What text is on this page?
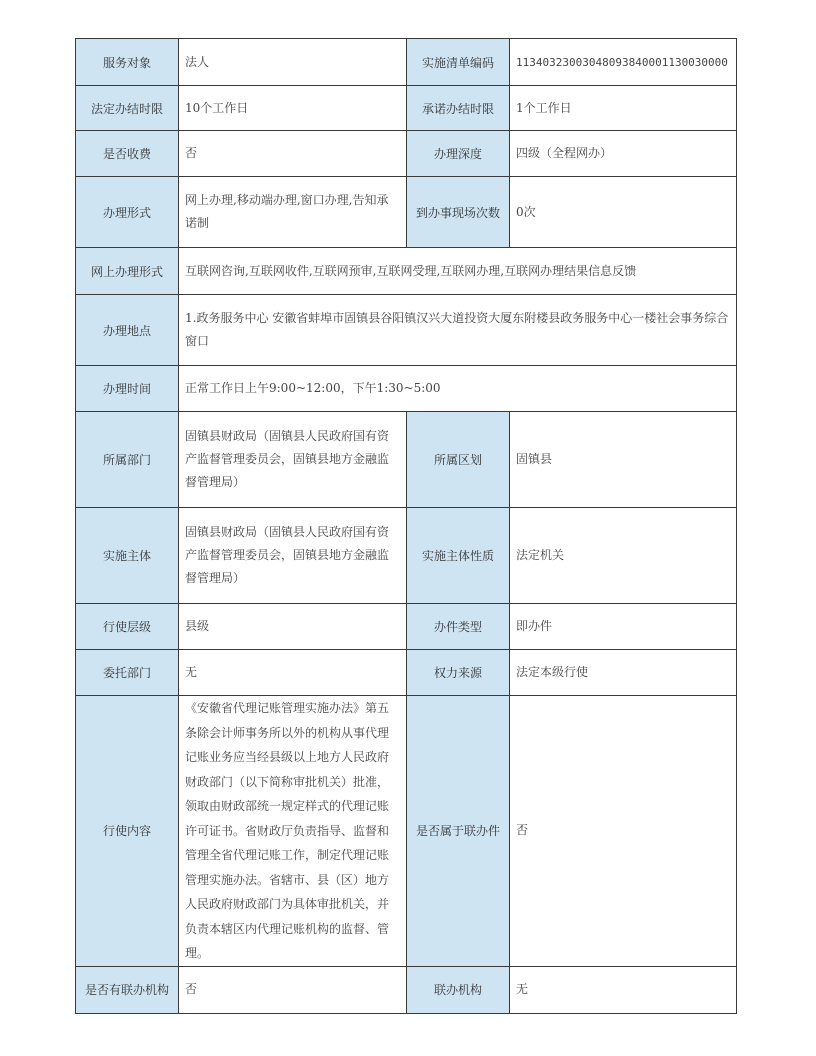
服务对象	法人	实施清单编码	11340323003048093840001130030000
法定办结时限	10个工作日	承诺办结时限	1个工作日
是否收费	否	办理深度	四级（全程网办）
办理形式	网上办理,移动端办理,窗口办理,告知承诺制	到办事现场次数	0次
网上办理形式	互联网咨询,互联网收件,互联网预审,互联网受理,互联网办理,互联网办理结果信息反馈		
办理地点	1.政务服务中心 安徽省蚌埠市固镇县谷阳镇汉兴大道投资大厦东附楼县政务服务中心一楼社会事务综合窗口		
办理时间	正常工作日上午9:00~12:00，下午1:30~5:00		
所属部门	固镇县财政局（固镇县人民政府国有资产监督管理委员会，固镇县地方金融监督管理局）	所属区划	固镇县
实施主体	固镇县财政局（固镇县人民政府国有资产监督管理委员会，固镇县地方金融监督管理局）	实施主体性质	法定机关
行使层级	县级	办件类型	即办件
委托部门	无	权力来源	法定本级行使
行使内容	《安徽省代理记账管理实施办法》第五条除会计师事务所以外的机构从事代理记账业务应当经县级以上地方人民政府财政部门（以下简称审批机关）批准，领取由财政部统一规定样式的代理记账许可证书。省财政厅负责指导、监督和管理全省代理记账工作，制定代理记账管理实施办法。省辖市、县（区）地方人民政府财政部门为具体审批机关，并负责本辖区内代理记账机构的监督、管理。	是否属于联办件	否
是否有联办机构	否	联办机构	无
